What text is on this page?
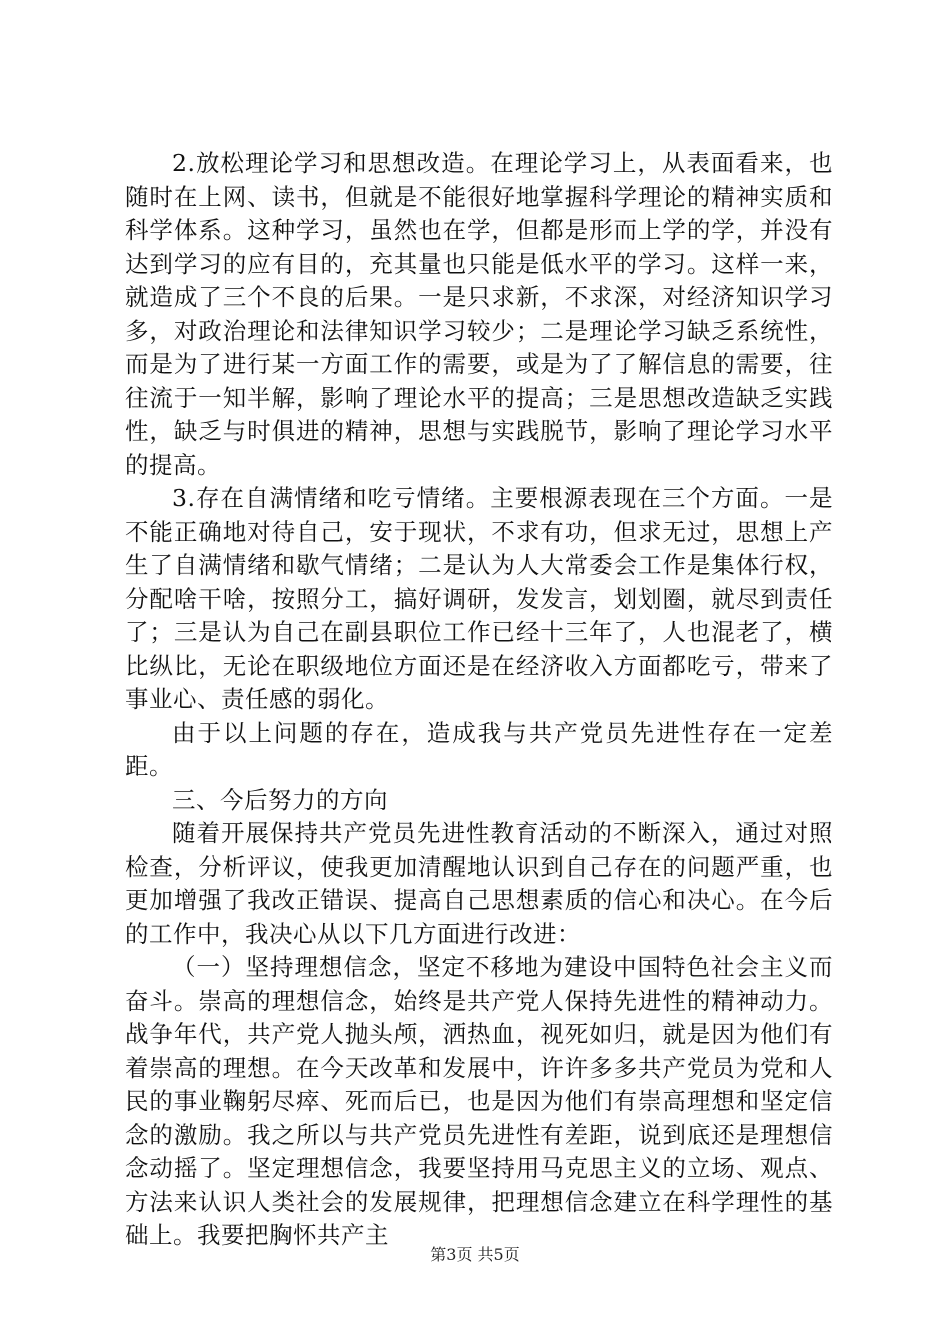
2.放松理论学习和思想改造。在理论学习上，从表面看来，也随时在上网、读书，但就是不能很好地掌握科学理论的精神实质和科学体系。这种学习，虽然也在学，但都是形而上学的学，并没有达到学习的应有目的，充其量也只能是低水平的学习。这样一来，就造成了三个不良的后果。一是只求新，不求深，对经济知识学习多，对政治理论和法律知识学习较少；二是理论学习缺乏系统性，而是为了进行某一方面工作的需要，或是为了了解信息的需要，往往流于一知半解，影响了理论水平的提高；三是思想改造缺乏实践性，缺乏与时俱进的精神，思想与实践脱节，影响了理论学习水平的提高。

3.存在自满情绪和吃亏情绪。主要根源表现在三个方面。一是不能正确地对待自己，安于现状，不求有功，但求无过，思想上产生了自满情绪和歇气情绪；二是认为人大常委会工作是集体行权，分配啥干啥，按照分工，搞好调研，发发言，划划圈，就尽到责任了；三是认为自己在副县职位工作已经十三年了，人也混老了，横比纵比，无论在职级地位方面还是在经济收入方面都吃亏，带来了事业心、责任感的弱化。

由于以上问题的存在，造成我与共产党员先进性存在一定差距。

三、今后努力的方向

随着开展保持共产党员先进性教育活动的不断深入，通过对照检查，分析评议，使我更加清醒地认识到自己存在的问题严重，也更加增强了我改正错误、提高自己思想素质的信心和决心。在今后的工作中，我决心从以下几方面进行改进：

（一）坚持理想信念，坚定不移地为建设中国特色社会主义而奋斗。崇高的理想信念，始终是共产党人保持先进性的精神动力。战争年代，共产党人抛头颅，洒热血，视死如归，就是因为他们有着崇高的理想。在今天改革和发展中，许许多多共产党员为党和人民的事业鞠躬尽瘁、死而后已，也是因为他们有崇高理想和坚定信念的激励。我之所以与共产党员先进性有差距，说到底还是理想信念动摇了。坚定理想信念，我要坚持用马克思主义的立场、观点、方法来认识人类社会的发展规律，把理想信念建立在科学理性的基础上。我要把胸怀共产主

第3页 共5页
